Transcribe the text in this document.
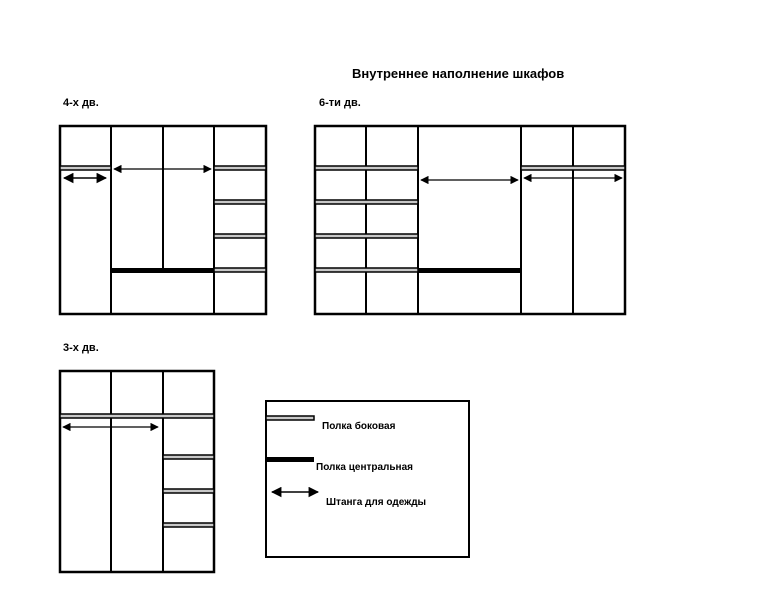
Внутреннее наполнение шкафов
4-х дв.	6-ти дв.
3-х дв.
Полка боковая
Полка центральная
Штанга для одежды
